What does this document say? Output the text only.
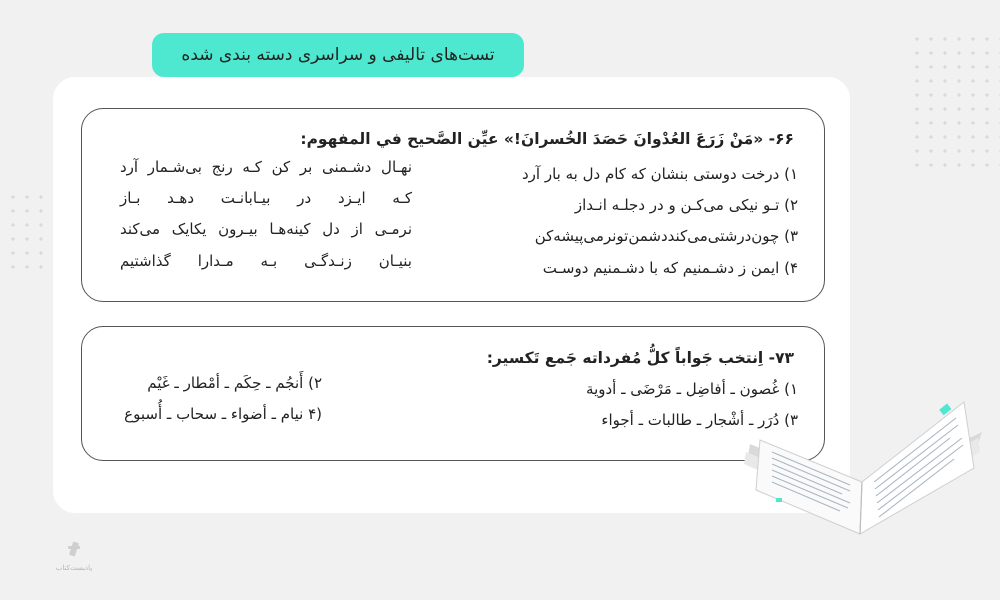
تست‌های تالیفی و سراسری دسته بندی شده
۶۶- «مَنْ زَرَعَ العُدْوانَ حَصَدَ الخُسرانَ!» عيِّن الصَّحيح في المفهوم:
۱) درخت دوستی بنشان که کام دل به بار آرد
۲) تـو نیکی می‌کـن و در دجلـه انـداز
۳) چون‌درشتی‌می‌کنددشمن‌تونرمی‌پیشه‌کن
۴) ایمن ز دشـمنیم که با دشـمنیم دوسـت
نهـال دشـمنی بر کن کـه رنج بی‌شـمار آرد
کـه ایـزد در بیـابانـت دهـد بـاز
نرمـی از دل کینه‌هـا بیـرون یکایک می‌کند
بنیـان زنـدگـی بـه مـدارا گذاشتیم
۷۳- اِنتخب جَواباً كلُّ مُفرداته جَمع تَكسير:
۱) غُصون ـ أفاضِل ـ مَرْضَى ـ أدوية
۳) دُرَر ـ أشْجار ـ طالبات ـ أجواء
۲) أَنجُم ـ حِكَم ـ أمْطار ـ غَيْم
(۴ نيام ـ أضواء ـ سحاب ـ أُسبوع
پادبست‌کتاب
